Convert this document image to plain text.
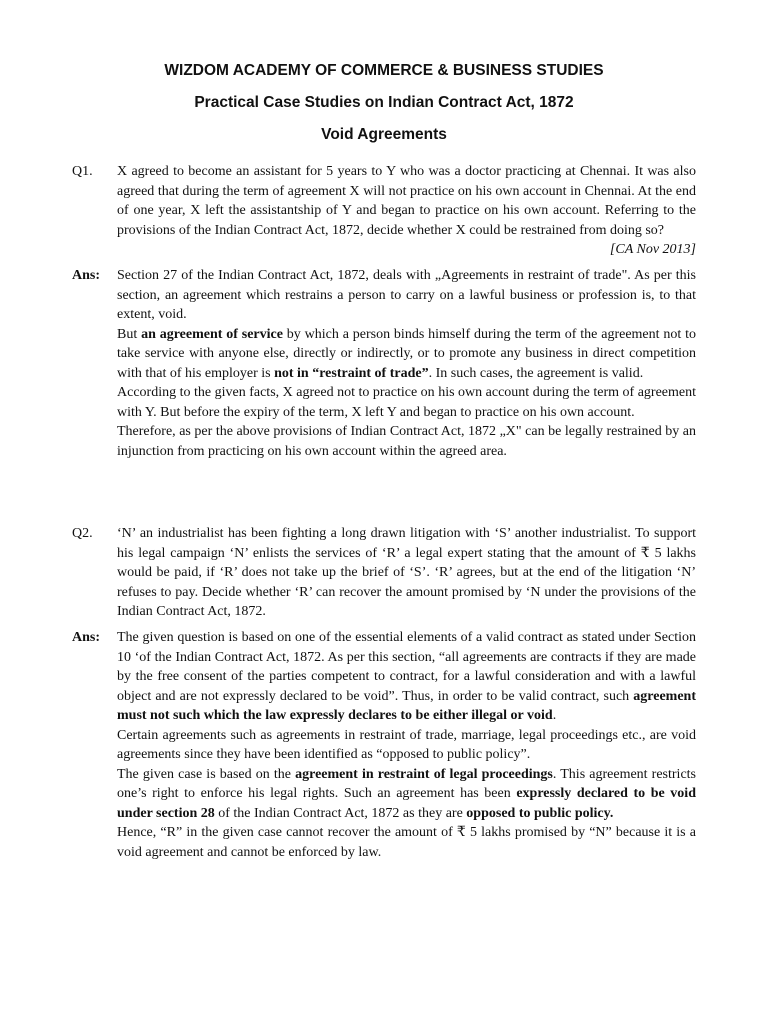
WIZDOM ACADEMY OF COMMERCE & BUSINESS STUDIES
Practical Case Studies on Indian Contract Act, 1872
Void Agreements
Q1. X agreed to become an assistant for 5 years to Y who was a doctor practicing at Chennai. It was also agreed that during the term of agreement X will not practice on his own account in Chennai. At the end of one year, X left the assistantship of Y and began to practice on his own account. Referring to the provisions of the Indian Contract Act, 1872, decide whether X could be restrained from doing so?
[CA Nov 2013]

Ans: Section 27 of the Indian Contract Act, 1872, deals with „Agreements in restraint of trade". As per this section, an agreement which restrains a person to carry on a lawful business or profession is, to that extent, void.

But an agreement of service by which a person binds himself during the term of the agreement not to take service with anyone else, directly or indirectly, or to promote any business in direct competition with that of his employer is not in “restraint of trade”. In such cases, the agreement is valid.

According to the given facts, X agreed not to practice on his own account during the term of agreement with Y. But before the expiry of the term, X left Y and began to practice on his own account.

Therefore, as per the above provisions of Indian Contract Act, 1872 „X" can be legally restrained by an injunction from practicing on his own account within the agreed area.

Q2. ‘N’ an industrialist has been fighting a long drawn litigation with ‘S’ another industrialist. To support his legal campaign ‘N’ enlists the services of ‘R’ a legal expert stating that the amount of ₹ 5 lakhs would be paid, if ‘R’ does not take up the brief of ‘S’. ‘R’ agrees, but at the end of the litigation ‘N’ refuses to pay. Decide whether ‘R’ can recover the amount promised by ‘N under the provisions of the Indian Contract Act, 1872.

Ans: The given question is based on one of the essential elements of a valid contract as stated under Section 10 ‘of the Indian Contract Act, 1872. As per this section, “all agreements are contracts if they are made by the free consent of the parties competent to contract, for a lawful consideration and with a lawful object and are not expressly declared to be void”. Thus, in order to be valid contract, such agreement must not such which the law expressly declares to be either illegal or void.

Certain agreements such as agreements in restraint of trade, marriage, legal proceedings etc., are void agreements since they have been identified as “opposed to public policy”.

The given case is based on the agreement in restraint of legal proceedings. This agreement restricts one’s right to enforce his legal rights. Such an agreement has been expressly declared to be void under section 28 of the Indian Contract Act, 1872 as they are opposed to public policy.

Hence, “R” in the given case cannot recover the amount of ₹ 5 lakhs promised by “N” because it is a void agreement and cannot be enforced by law.
